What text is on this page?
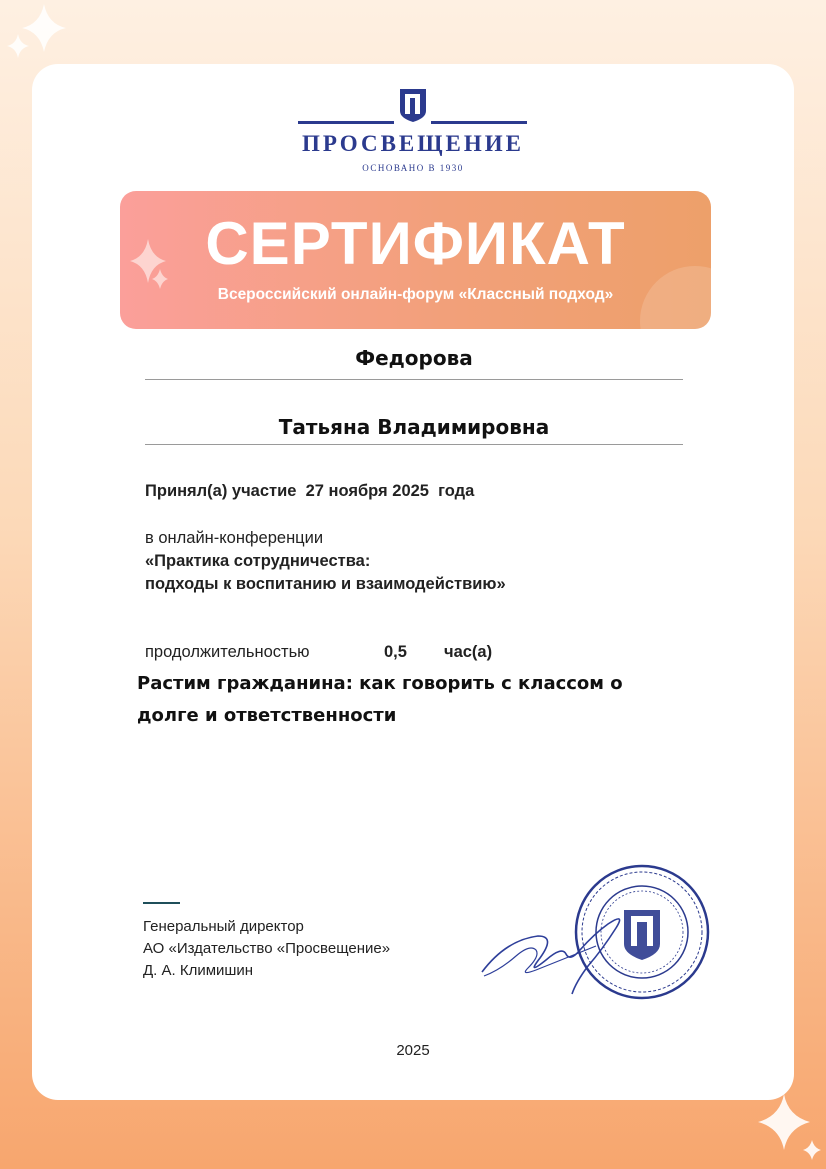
ПРОСВЕЩЕНИЕ
ОСНОВАНО В 1930
СЕРТИФИКАТ
Всероссийский онлайн-форум «Классный подход»
Федорова
Татьяна Владимировна
Принял(а) участие 27 ноября 2025 года
в онлайн-конференции
«Практика сотрудничества:
подходы к воспитанию и взаимодействию»
продолжительностью	0,5 час(а)
Растим гражданина: как говорить с классом о долге и ответственности
Генеральный директор
АО «Издательство «Просвещение»
Д. А. Климишин
2025
